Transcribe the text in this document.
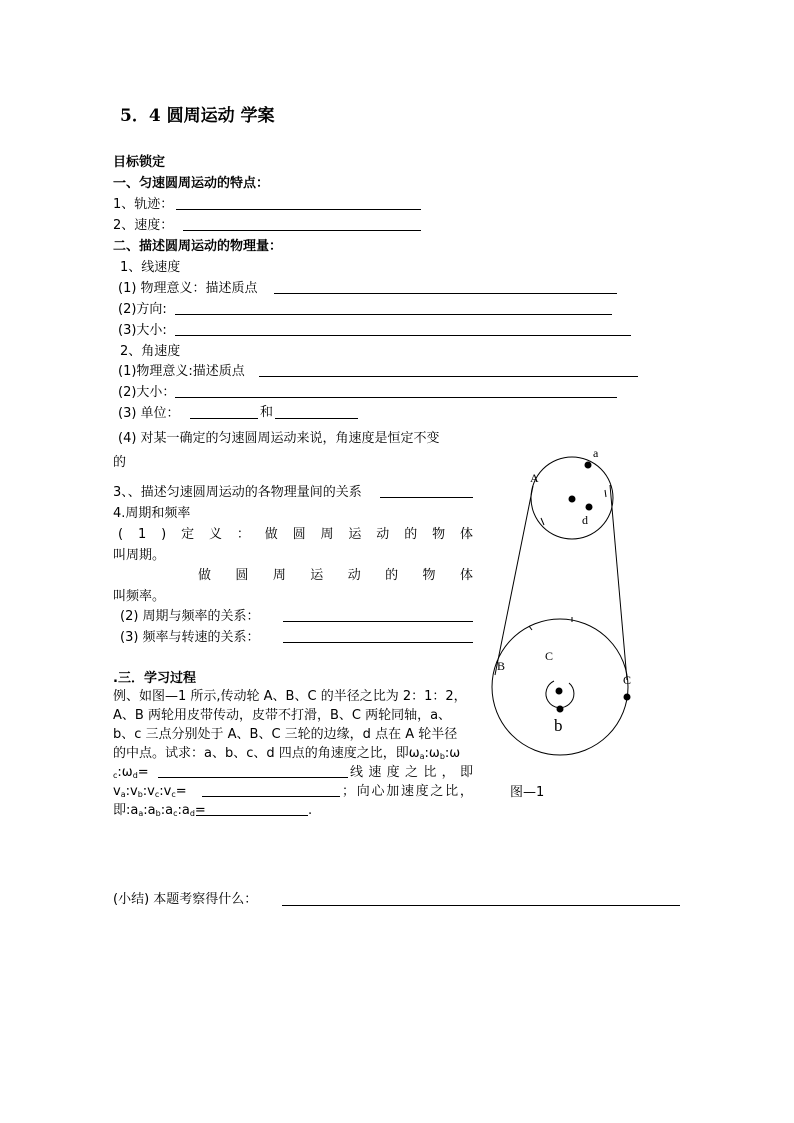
5．4 圆周运动 学案
目标锁定
一、匀速圆周运动的特点：
1、轨迹：
2、速度：
二、描述圆周运动的物理量：
1、线速度
(1) 物理意义：描述质点
(2)方向:
(3)大小:
2、角速度
(1)物理意义:描述质点
(2)大小：
(3) 单位：	和
(4) 对某一确定的匀速圆周运动来说，角速度是恒定不变
的
3、、描述匀速圆周运动的各物理量间的关系
4.周期和频率
( 1 ) 定 义 ： 做 圆 周 运 动 的 物 体
叫周期。
做 圆 周 运 动 的 物 体
叫频率。
(2) 周期与频率的关系：
(3) 频率与转速的关系：
.三．学习过程
例、如图—1 所示,传动轮 A、B、C 的半径之比为 2：1：2，
A、B 两轮用皮带传动，皮带不打滑，B、C 两轮同轴，a、
b、c 三点分别处于 A、B、C 三轮的边缘，d 点在 A 轮半径
的中点。试求：a、b、c、d 四点的角速度之比，即$\omega_a:\omega_b:\omega$
$_c:\omega_d=$	线 速 度 之 比 ， 即
$v_a:v_b:v_c:v_c=$	； 向 心 加 速 度 之 比 ，
即$:a_a:a_b:a_c:a_d=$	.
(小结) 本题考察得什么：
A
a
d
B
C
C
b
图—1
